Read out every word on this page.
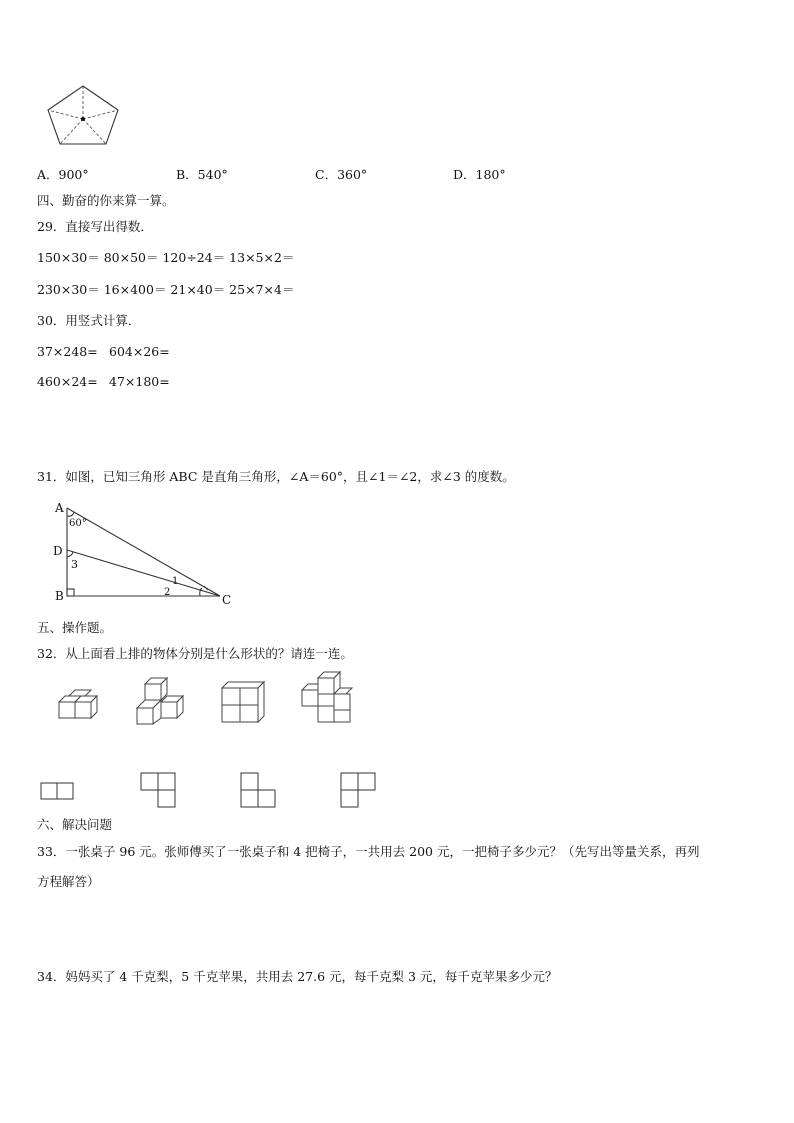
A．900°	B．540°	C．360°	D．180°
四、勤奋的你来算一算。
29．直接写出得数．
150×30＝ 80×50＝ 120÷24＝ 13×5×2＝
230×30＝ 16×400＝ 21×40＝ 25×7×4＝
30．用竖式计算．
37×248= 604×26=
460×24= 47×180=
31．如图，已知三角形 ABC 是直角三角形，∠A＝60°，且∠1＝∠2，求∠3 的度数。
A
D
B	C
60°
3
1
2
五、操作题。
32．从上面看上排的物体分别是什么形状的？请连一连。
六、解决问题
33．一张桌子 96 元。张师傅买了一张桌子和 4 把椅子，一共用去 200 元，一把椅子多少元？（先写出等量关系，再列
方程解答）
34．妈妈买了 4 千克梨，5 千克苹果，共用去 27.6 元，每千克梨 3 元，每千克苹果多少元？
